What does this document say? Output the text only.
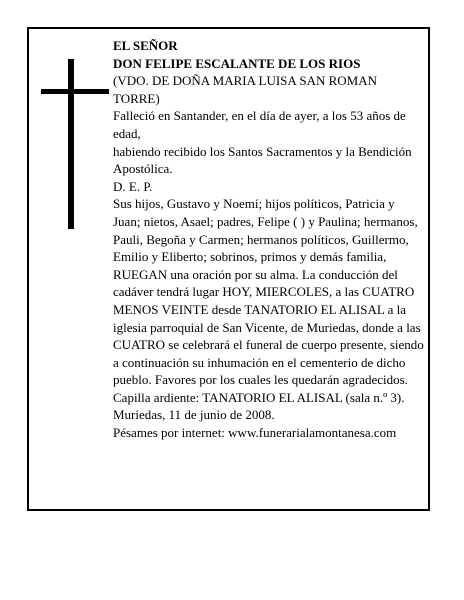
EL SEÑOR
DON FELIPE ESCALANTE DE LOS RIOS
(VDO. DE DOÑA MARIA LUISA SAN ROMAN TORRE)
Falleció en Santander, en el día de ayer, a los 53 años de edad,
habiendo recibido los Santos Sacramentos y la Bendición Apostólica.
D. E. P.
Sus hijos, Gustavo y Noemí; hijos políticos, Patricia y Juan; nietos, Asael; padres, Felipe ( ) y Paulina; hermanos, Pauli, Begoña y Carmen; hermanos políticos, Guillermo, Emilio y Eliberto; sobrinos, primos y demás familia,
RUEGAN una oración por su alma. La conducción del cadáver tendrá lugar HOY, MIERCOLES, a las CUATRO MENOS VEINTE desde TANATORIO EL ALISAL a la iglesia parroquial de San Vicente, de Muriedas, donde a las CUATRO se celebrará el funeral de cuerpo presente, siendo a continuación su inhumación en el cementerio de dicho pueblo. Favores por los cuales les quedarán agradecidos. Capilla ardiente: TANATORIO EL ALISAL (sala n.º 3).
Muriedas, 11 de junio de 2008.
Pésames por internet: www.funerarialamontanesa.com
